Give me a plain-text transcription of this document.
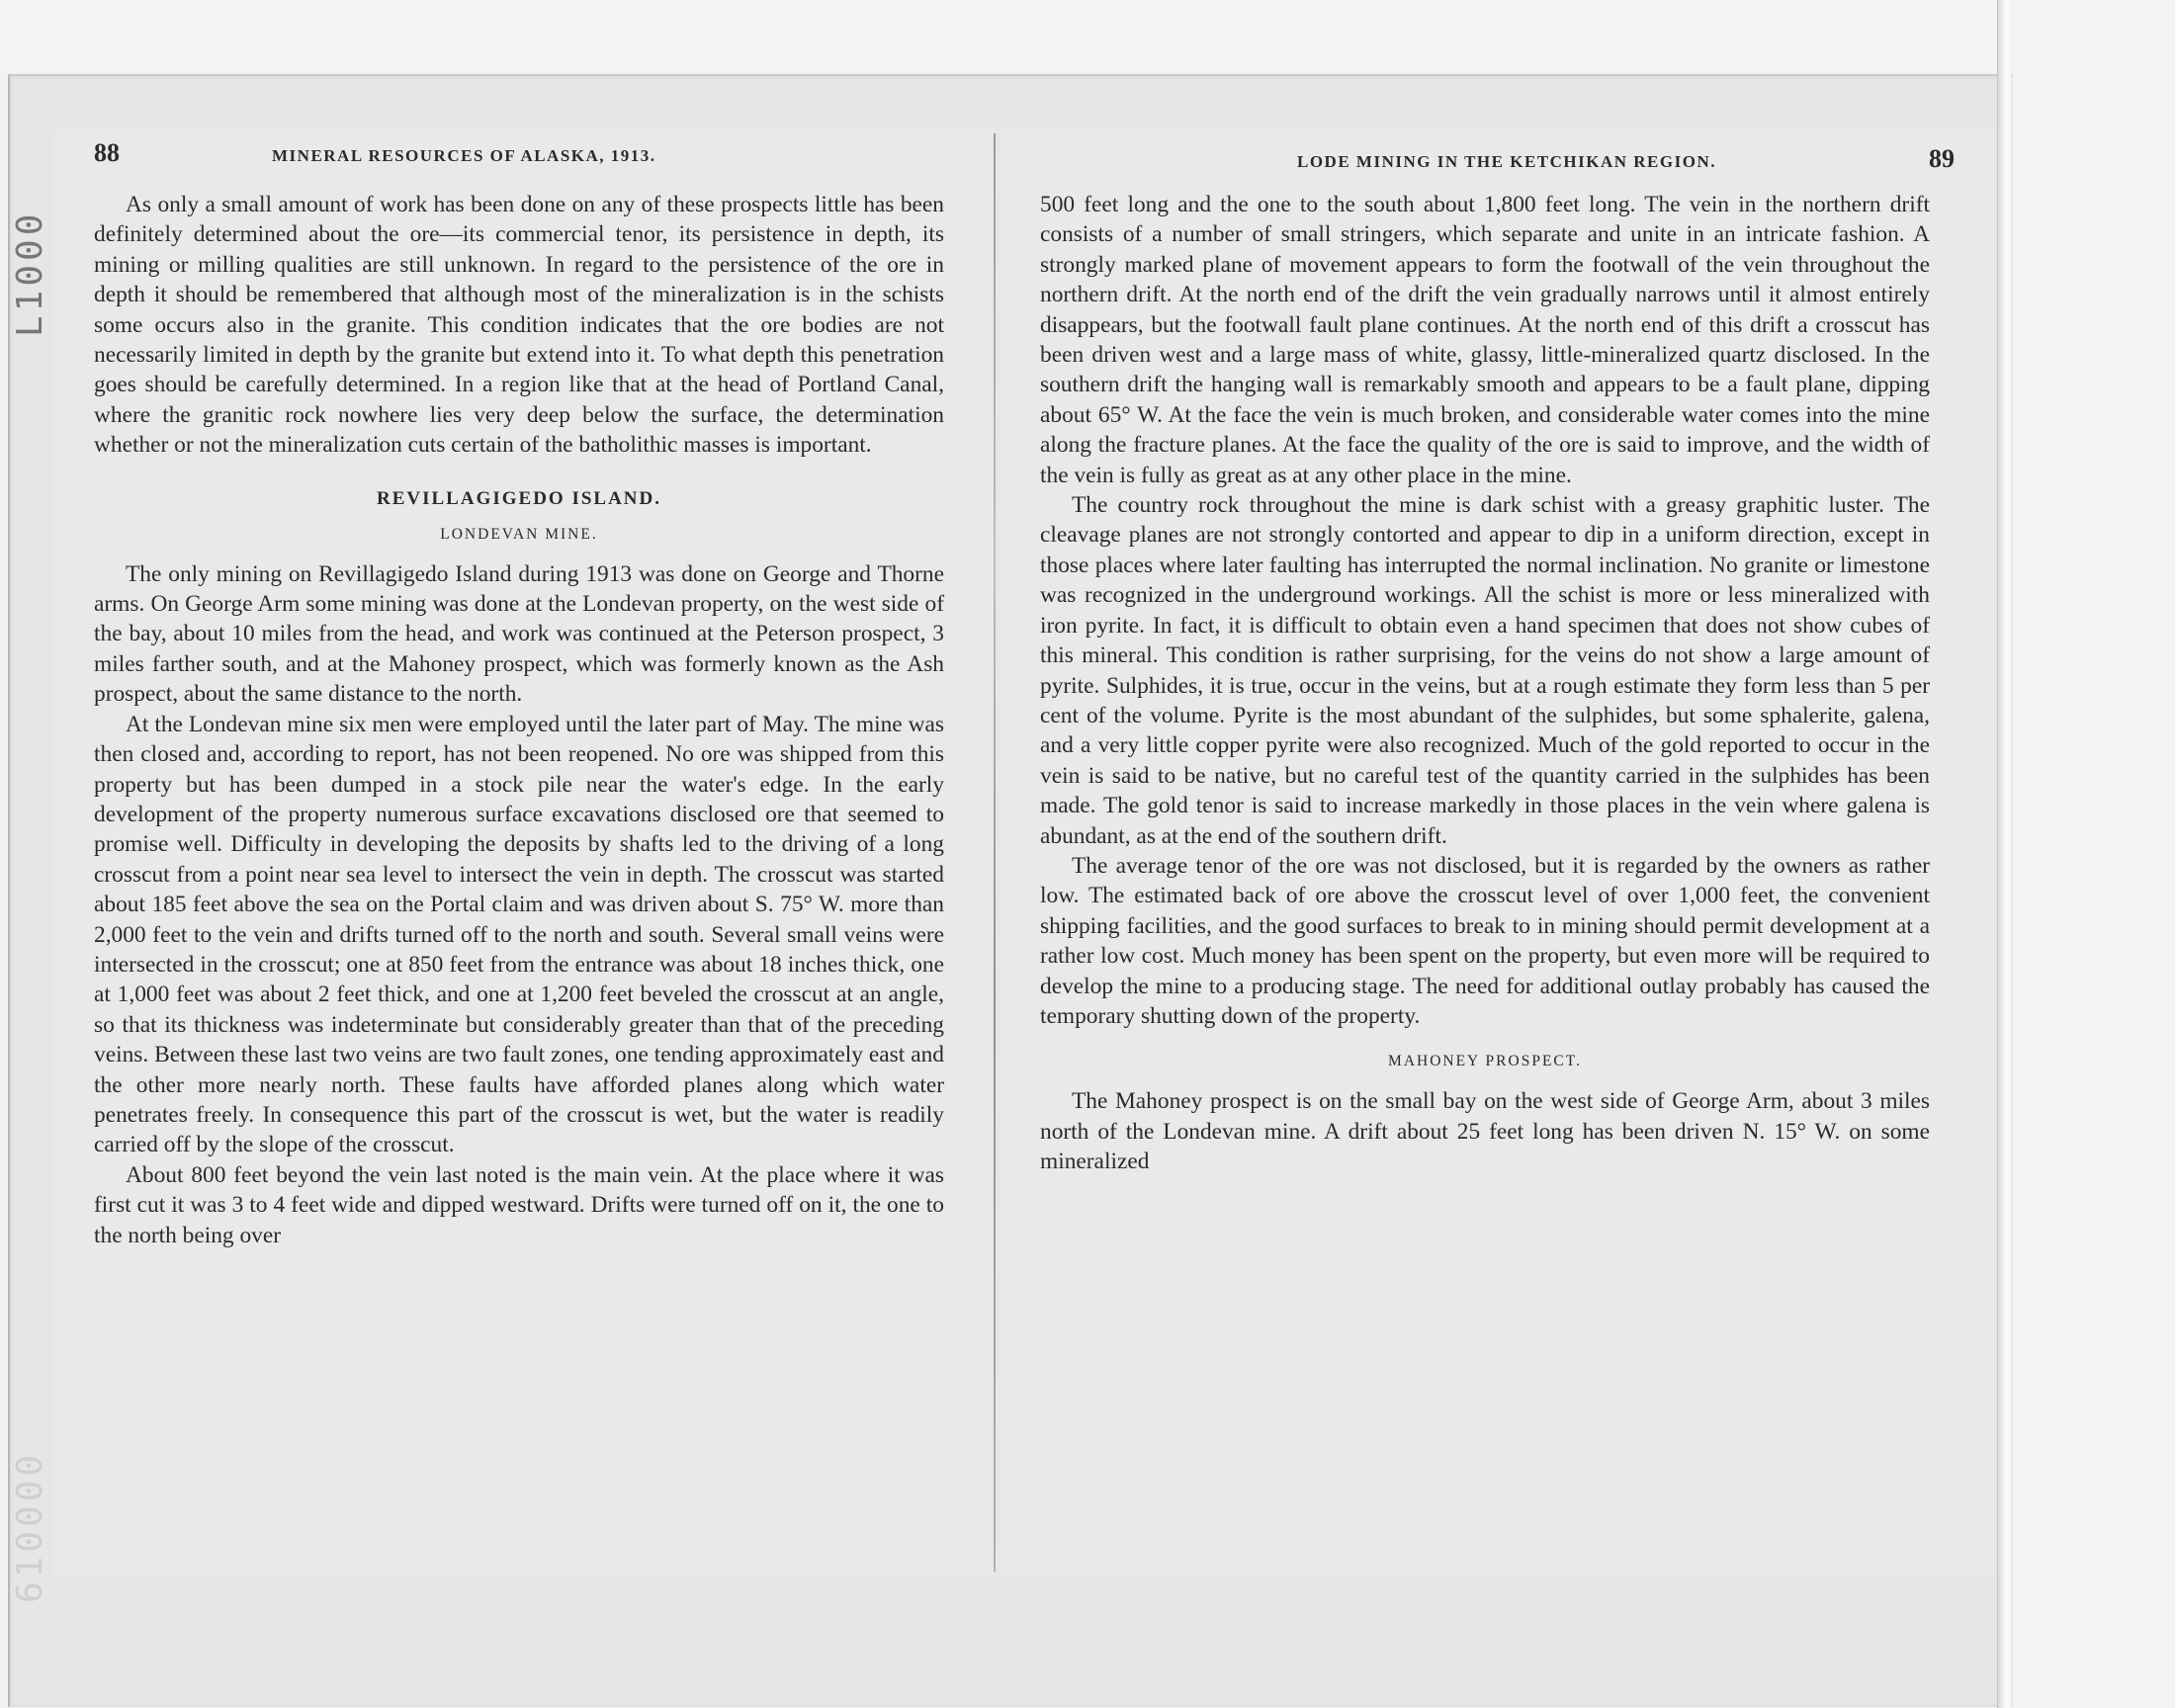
L1000
610000
88	MINERAL RESOURCES OF ALASKA, 1913.

As only a small amount of work has been done on any of these prospects little has been definitely determined about the ore—its commercial tenor, its persistence in depth, its mining or milling qualities are still unknown. In regard to the persistence of the ore in depth it should be remembered that although most of the mineralization is in the schists some occurs also in the granite. This condition indicates that the ore bodies are not necessarily limited in depth by the granite but extend into it. To what depth this penetration goes should be carefully determined. In a region like that at the head of Portland Canal, where the granitic rock nowhere lies very deep below the surface, the determination whether or not the mineralization cuts certain of the batholithic masses is important.

REVILLAGIGEDO ISLAND.
LONDEVAN MINE.

The only mining on Revillagigedo Island during 1913 was done on George and Thorne arms. On George Arm some mining was done at the Londevan property, on the west side of the bay, about 10 miles from the head, and work was continued at the Peterson prospect, 3 miles farther south, and at the Mahoney prospect, which was formerly known as the Ash prospect, about the same distance to the north.

At the Londevan mine six men were employed until the later part of May. The mine was then closed and, according to report, has not been reopened. No ore was shipped from this property but has been dumped in a stock pile near the water's edge. In the early development of the property numerous surface excavations disclosed ore that seemed to promise well. Difficulty in developing the deposits by shafts led to the driving of a long crosscut from a point near sea level to intersect the vein in depth. The crosscut was started about 185 feet above the sea on the Portal claim and was driven about S. 75° W. more than 2,000 feet to the vein and drifts turned off to the north and south. Several small veins were intersected in the crosscut; one at 850 feet from the entrance was about 18 inches thick, one at 1,000 feet was about 2 feet thick, and one at 1,200 feet beveled the crosscut at an angle, so that its thickness was indeterminate but considerably greater than that of the preceding veins. Between these last two veins are two fault zones, one tending approximately east and the other more nearly north. These faults have afforded planes along which water penetrates freely. In consequence this part of the crosscut is wet, but the water is readily carried off by the slope of the crosscut.

About 800 feet beyond the vein last noted is the main vein. At the place where it was first cut it was 3 to 4 feet wide and dipped westward. Drifts were turned off on it, the one to the north being over

LODE MINING IN THE KETCHIKAN REGION.	89

500 feet long and the one to the south about 1,800 feet long. The vein in the northern drift consists of a number of small stringers, which separate and unite in an intricate fashion. A strongly marked plane of movement appears to form the footwall of the vein throughout the northern drift. At the north end of the drift the vein gradually narrows until it almost entirely disappears, but the footwall fault plane continues. At the north end of this drift a crosscut has been driven west and a large mass of white, glassy, little-mineralized quartz disclosed. In the southern drift the hanging wall is remarkably smooth and appears to be a fault plane, dipping about 65° W. At the face the vein is much broken, and considerable water comes into the mine along the fracture planes. At the face the quality of the ore is said to improve, and the width of the vein is fully as great as at any other place in the mine.

The country rock throughout the mine is dark schist with a greasy graphitic luster. The cleavage planes are not strongly contorted and appear to dip in a uniform direction, except in those places where later faulting has interrupted the normal inclination. No granite or limestone was recognized in the underground workings. All the schist is more or less mineralized with iron pyrite. In fact, it is difficult to obtain even a hand specimen that does not show cubes of this mineral. This condition is rather surprising, for the veins do not show a large amount of pyrite. Sulphides, it is true, occur in the veins, but at a rough estimate they form less than 5 per cent of the volume. Pyrite is the most abundant of the sulphides, but some sphalerite, galena, and a very little copper pyrite were also recognized. Much of the gold reported to occur in the vein is said to be native, but no careful test of the quantity carried in the sulphides has been made. The gold tenor is said to increase markedly in those places in the vein where galena is abundant, as at the end of the southern drift.

The average tenor of the ore was not disclosed, but it is regarded by the owners as rather low. The estimated back of ore above the crosscut level of over 1,000 feet, the convenient shipping facilities, and the good surfaces to break to in mining should permit development at a rather low cost. Much money has been spent on the property, but even more will be required to develop the mine to a producing stage. The need for additional outlay probably has caused the temporary shutting down of the property.

MAHONEY PROSPECT.

The Mahoney prospect is on the small bay on the west side of George Arm, about 3 miles north of the Londevan mine. A drift about 25 feet long has been driven N. 15° W. on some mineralized
